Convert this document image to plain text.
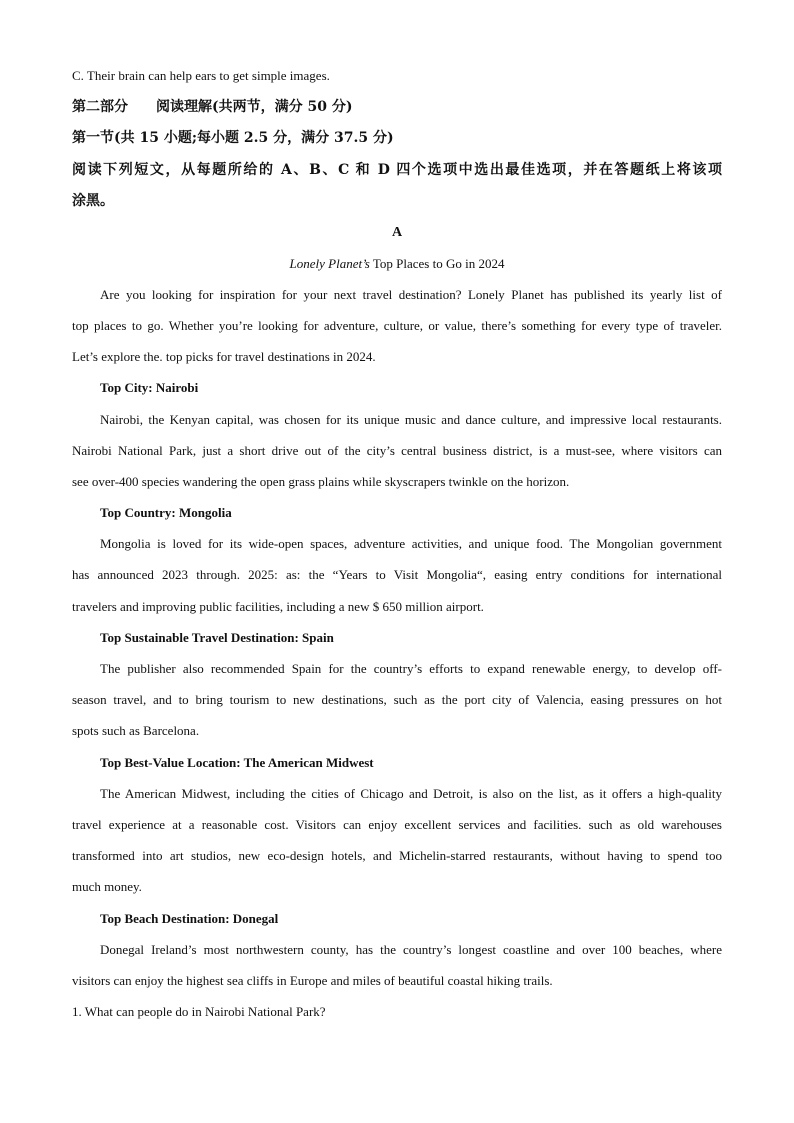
C. Their brain can help ears to get simple images.
第二部分 阅读理解(共两节，满分 50 分)
第一节(共 15 小题;每小题 2.5 分，满分 37.5 分)
阅读下列短文，从每题所给的 A、B、C 和 D 四个选项中选出最佳选项，并在答题纸上将该项
涂黑。
A
Lonely Planet’s Top Places to Go in 2024
Are you looking for inspiration for your next travel destination? Lonely Planet has published its yearly list of
top places to go. Whether you’re looking for adventure, culture, or value, there’s something for every type of traveler.
Let’s explore the. top picks for travel destinations in 2024.
Top City: Nairobi
Nairobi, the Kenyan capital, was chosen for its unique music and dance culture, and impressive local restaurants.
Nairobi National Park, just a short drive out of the city’s central business district, is a must-see, where visitors can
see over-400 species wandering the open grass plains while skyscrapers twinkle on the horizon.
Top Country: Mongolia
Mongolia is loved for its wide-open spaces, adventure activities, and unique food. The Mongolian government
has announced 2023 through. 2025: as: the “Years to Visit Mongolia“, easing entry conditions for international
travelers and improving public facilities, including a new $ 650 million airport.
Top Sustainable Travel Destination: Spain
The publisher also recommended Spain for the country’s efforts to expand renewable energy, to develop off-
season travel, and to bring tourism to new destinations, such as the port city of Valencia, easing pressures on hot
spots such as Barcelona.
Top Best-Value Location: The American Midwest
The American Midwest, including the cities of Chicago and Detroit, is also on the list, as it offers a high-quality
travel experience at a reasonable cost. Visitors can enjoy excellent services and facilities. such as old warehouses
transformed into art studios, new eco-design hotels, and Michelin-starred restaurants, without having to spend too
much money.
Top Beach Destination: Donegal
Donegal Ireland’s most northwestern county, has the country’s longest coastline and over 100 beaches, where
visitors can enjoy the highest sea cliffs in Europe and miles of beautiful coastal hiking trails.
1. What can people do in Nairobi National Park?
